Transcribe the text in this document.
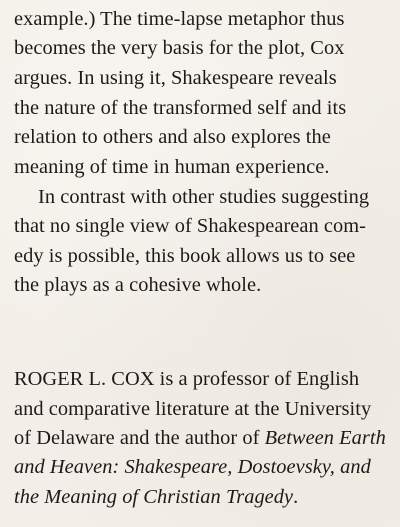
example.) The time-lapse metaphor thus
becomes the very basis for the plot, Cox
argues. In using it, Shakespeare reveals
the nature of the transformed self and its
relation to others and also explores the
meaning of time in human experience.
In contrast with other studies suggesting
that no single view of Shakespearean com-
edy is possible, this book allows us to see
the plays as a cohesive whole.
ROGER L. COX is a professor of English
and comparative literature at the University
of Delaware and the author of Between Earth
and Heaven: Shakespeare, Dostoevsky, and
the Meaning of Christian Tragedy.
